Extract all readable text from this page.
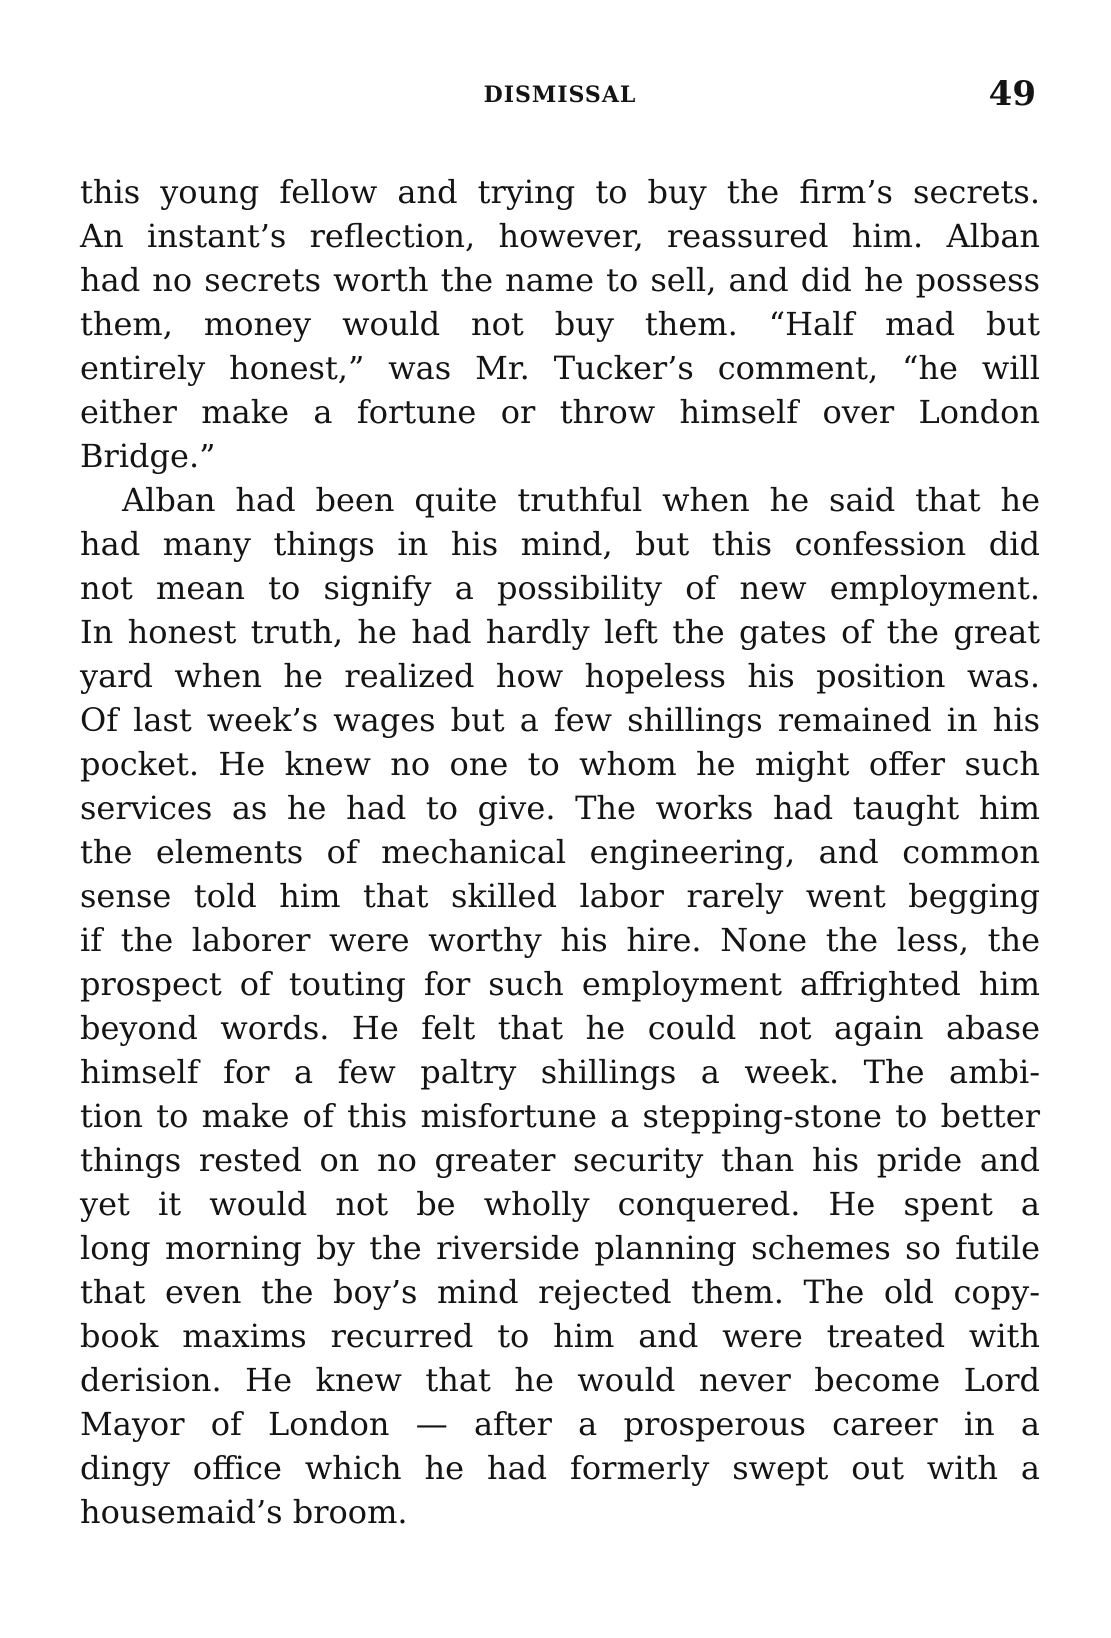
DISMISSAL	49
this young fellow and trying to buy the firm’s secrets.
An instant’s reflection, however, reassured him. Alban
had no secrets worth the name to sell, and did he possess
them, money would not buy them. “Half mad but
entirely honest,” was Mr. Tucker’s comment, “he will
either make a fortune or throw himself over London
Bridge.”
Alban had been quite truthful when he said that he
had many things in his mind, but this confession did
not mean to signify a possibility of new employment.
In honest truth, he had hardly left the gates of the great
yard when he realized how hopeless his position was.
Of last week’s wages but a few shillings remained in his
pocket. He knew no one to whom he might offer such
services as he had to give. The works had taught him
the elements of mechanical engineering, and common
sense told him that skilled labor rarely went begging
if the laborer were worthy his hire. None the less, the
prospect of touting for such employment affrighted him
beyond words. He felt that he could not again abase
himself for a few paltry shillings a week. The ambi-
tion to make of this misfortune a stepping-stone to better
things rested on no greater security than his pride and
yet it would not be wholly conquered. He spent a
long morning by the riverside planning schemes so futile
that even the boy’s mind rejected them. The old copy-
book maxims recurred to him and were treated with
derision. He knew that he would never become Lord
Mayor of London — after a prosperous career in a
dingy office which he had formerly swept out with a
housemaid’s broom.
